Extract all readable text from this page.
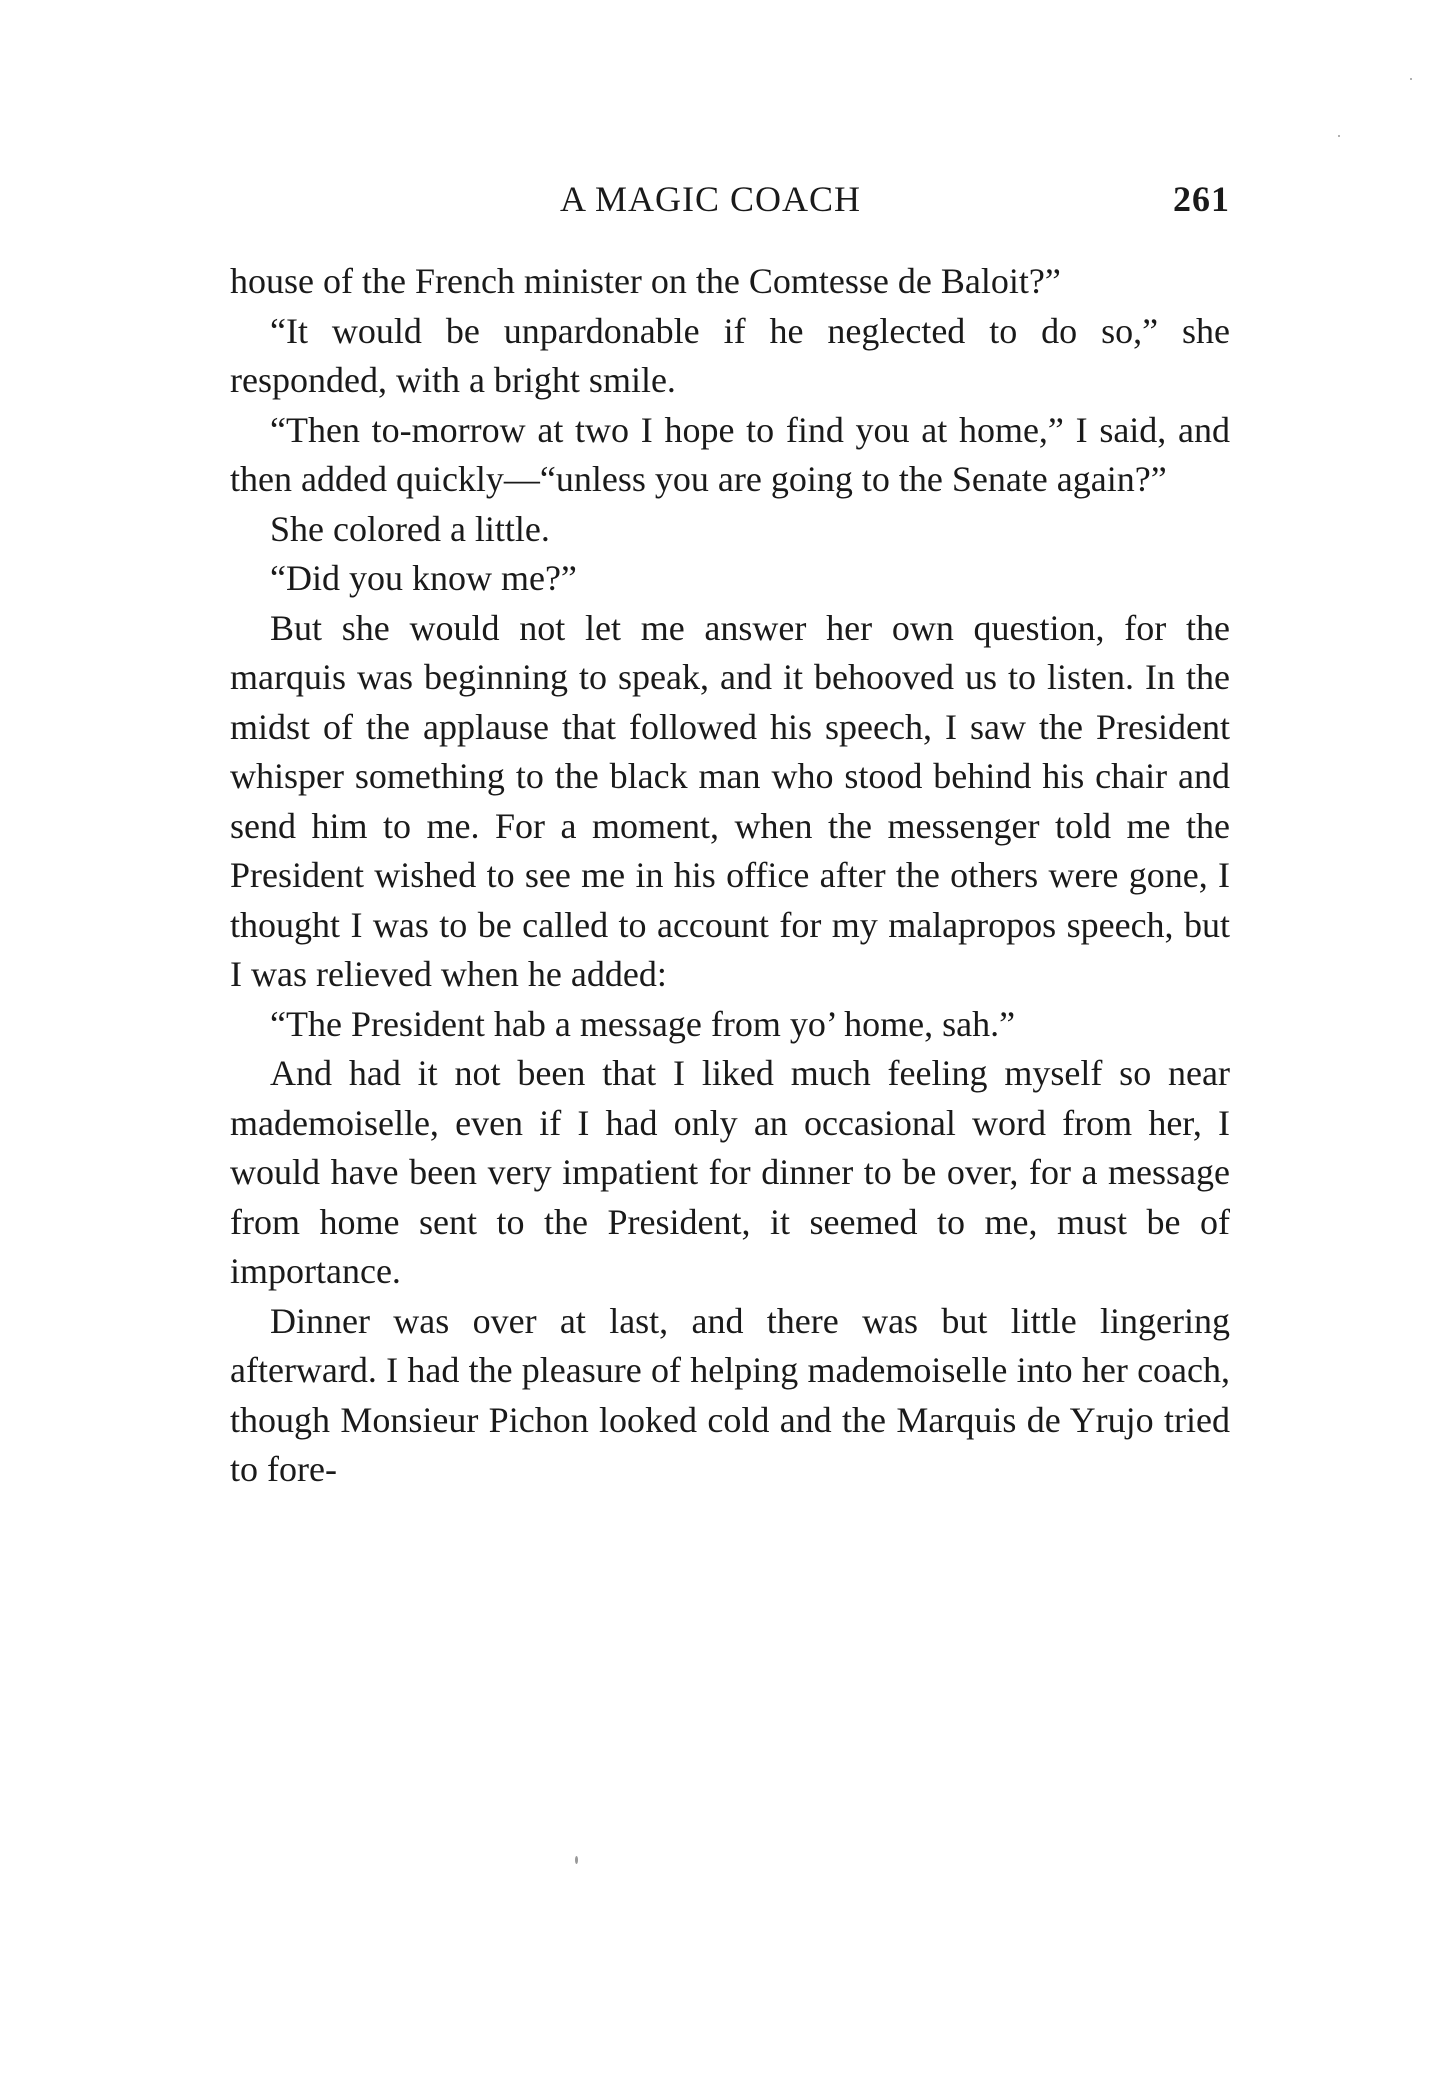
A MAGIC COACH	261

house of the French minister on the Comtesse de Baloit?”

“It would be unpardonable if he neglected to do so,” she responded, with a bright smile.

“Then to-morrow at two I hope to find you at home,” I said, and then added quickly—“unless you are going to the Senate again?”

She colored a little.

“Did you know me?”

But she would not let me answer her own question, for the marquis was beginning to speak, and it behooved us to listen. In the midst of the applause that followed his speech, I saw the President whisper something to the black man who stood behind his chair and send him to me. For a moment, when the messenger told me the President wished to see me in his office after the others were gone, I thought I was to be called to account for my malapropos speech, but I was relieved when he added:

“The President hab a message from yo’ home, sah.”

And had it not been that I liked much feeling myself so near mademoiselle, even if I had only an occasional word from her, I would have been very impatient for dinner to be over, for a message from home sent to the President, it seemed to me, must be of importance.

Dinner was over at last, and there was but little lingering afterward. I had the pleasure of helping mademoiselle into her coach, though Monsieur Pichon looked cold and the Marquis de Yrujo tried to fore-
